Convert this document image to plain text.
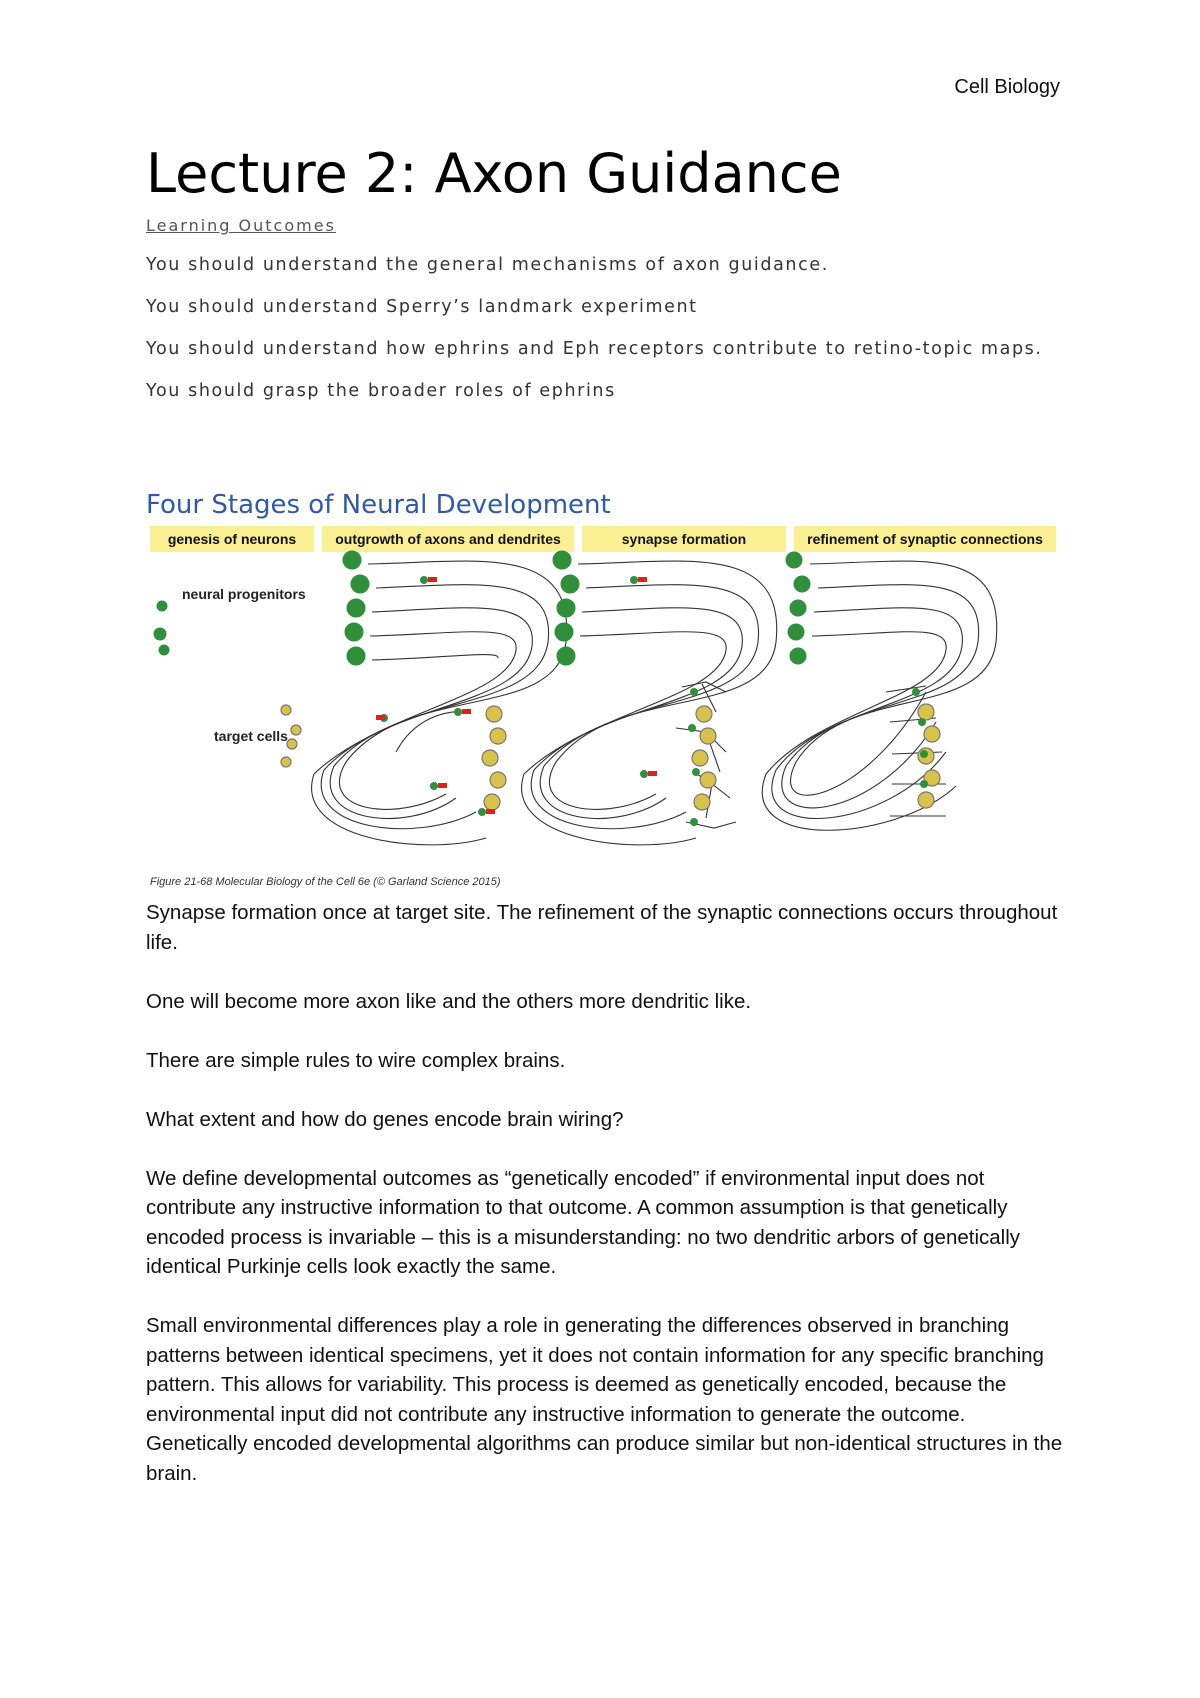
Cell Biology
Lecture 2: Axon Guidance

Learning Outcomes

You should understand the general mechanisms of axon guidance.

You should understand Sperry’s landmark experiment

You should understand how ephrins and Eph receptors contribute to retino-topic maps.

You should grasp the broader roles of ephrins

Four Stages of Neural Development
genesis of neurons	outgrowth of axons and dendrites	synapse formation	refinement of synaptic connections
neural progenitors
target cells
Figure 21-68 Molecular Biology of the Cell 6e (© Garland Science 2015)

Synapse formation once at target site. The refinement of the synaptic connections occurs throughout life.

One will become more axon like and the others more dendritic like.

There are simple rules to wire complex brains.

What extent and how do genes encode brain wiring?

We define developmental outcomes as “genetically encoded” if environmental input does not contribute any instructive information to that outcome. A common assumption is that genetically encoded process is invariable – this is a misunderstanding: no two dendritic arbors of genetically identical Purkinje cells look exactly the same.

Small environmental differences play a role in generating the differences observed in branching patterns between identical specimens, yet it does not contain information for any specific branching pattern. This allows for variability. This process is deemed as genetically encoded, because the environmental input did not contribute any instructive information to generate the outcome. Genetically encoded developmental algorithms can produce similar but non-identical structures in the brain.
